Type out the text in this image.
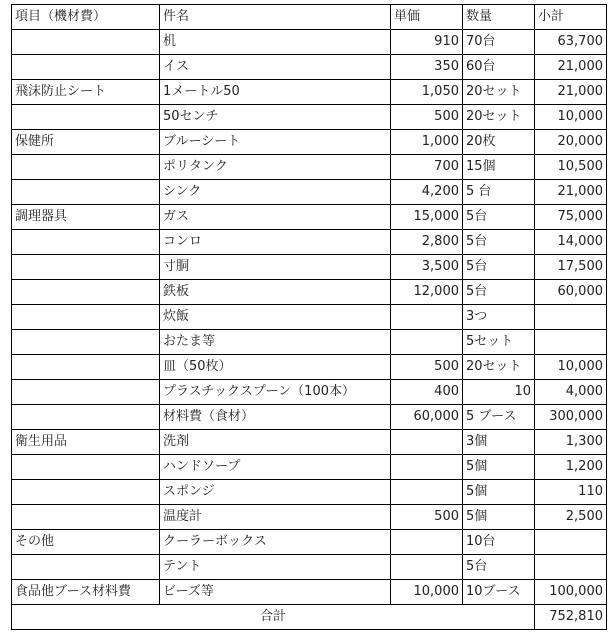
項目（機材費）	件名	単価	数量	小計
	机	910	70台	63,700
	イス	350	60台	21,000
飛沫防止シート	1メートル50	1,050	20セット	21,000
	50センチ	500	20セット	10,000
保健所	ブルーシート	1,000	20枚	20,000
	ポリタンク	700	15個	10,500
	シンク	4,200	5 台	21,000
調理器具	ガス	15,000	5台	75,000
	コンロ	2,800	5台	14,000
	寸胴	3,500	5台	17,500
	鉄板	12,000	5台	60,000
	炊飯		3つ	
	おたま等		5セット	
	皿（50枚）	500	20セット	10,000
	プラスチックスプーン（100本）	400	10	4,000
	材料費（食材）	60,000	5 ブース	300,000
衛生用品	洗剤		3個	1,300
	ハンドソープ		5個	1,200
	スポンジ		5個	110
	温度計	500	5個	2,500
その他	クーラーボックス		10台	
	テント		5台	
食品他ブース材料費	ビーズ等	10,000	10ブース	100,000
合計				752,810
